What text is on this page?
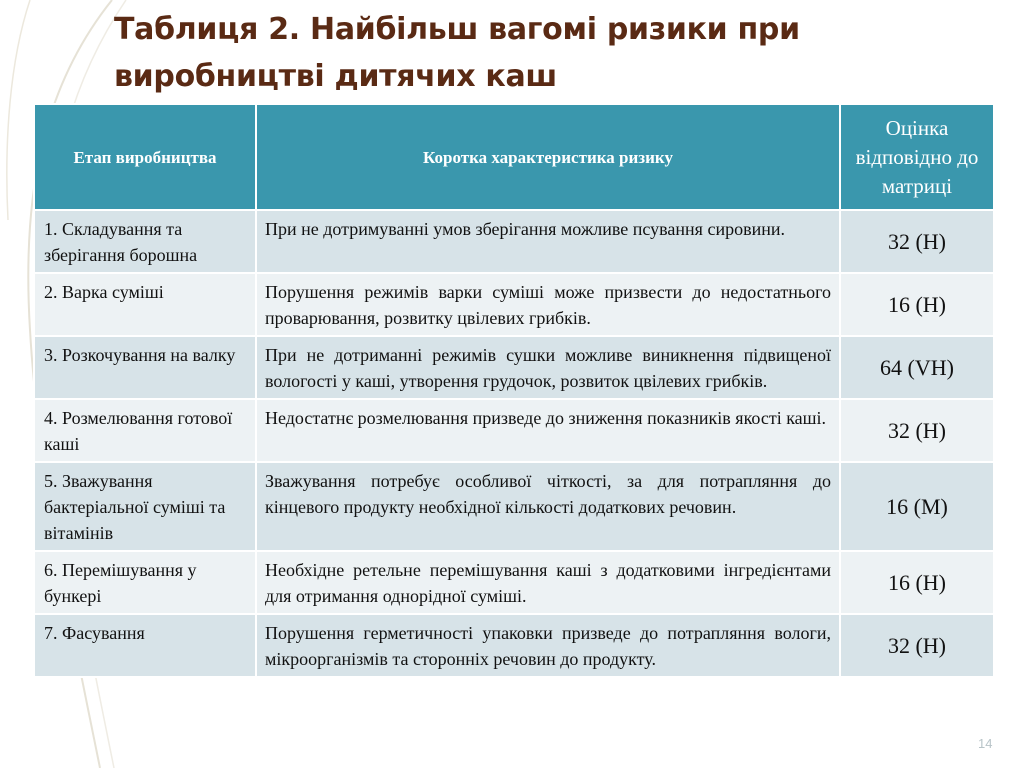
Таблиця 2. Найбільш вагомі ризики при виробництві дитячих каш
Етап виробництва	Коротка характеристика ризику	Оцінка відповідно до матриці
1. Складування та зберігання борошна	При не дотримуванні умов зберігання можливе псування сировини.	32 (Н)
2. Варка суміші	Порушення режимів варки суміші може призвести до недостатнього проварювання, розвитку цвілевих грибків.	16 (Н)
3. Розкочування на валку	При не дотриманні режимів сушки можливе виникнення підвищеної вологості у каші, утворення грудочок, розвиток цвілевих грибків.	64 (VН)
4. Розмелювання готової каші	Недостатнє розмелювання призведе до зниження показників якості каші.	32 (Н)
5. Зважування бактеріальної суміші та вітамінів	Зважування потребує особливої чіткості, за для потрапляння до кінцевого продукту необхідної кількості додаткових речовин.	16 (М)
6. Перемішування у бункері	Необхідне ретельне перемішування каші з додатковими інгредієнтами для отримання однорідної суміші.	16 (Н)
7. Фасування	Порушення герметичності упаковки призведе до потрапляння вологи, мікроорганізмів та сторонніх речовин до продукту.	32 (Н)
14
